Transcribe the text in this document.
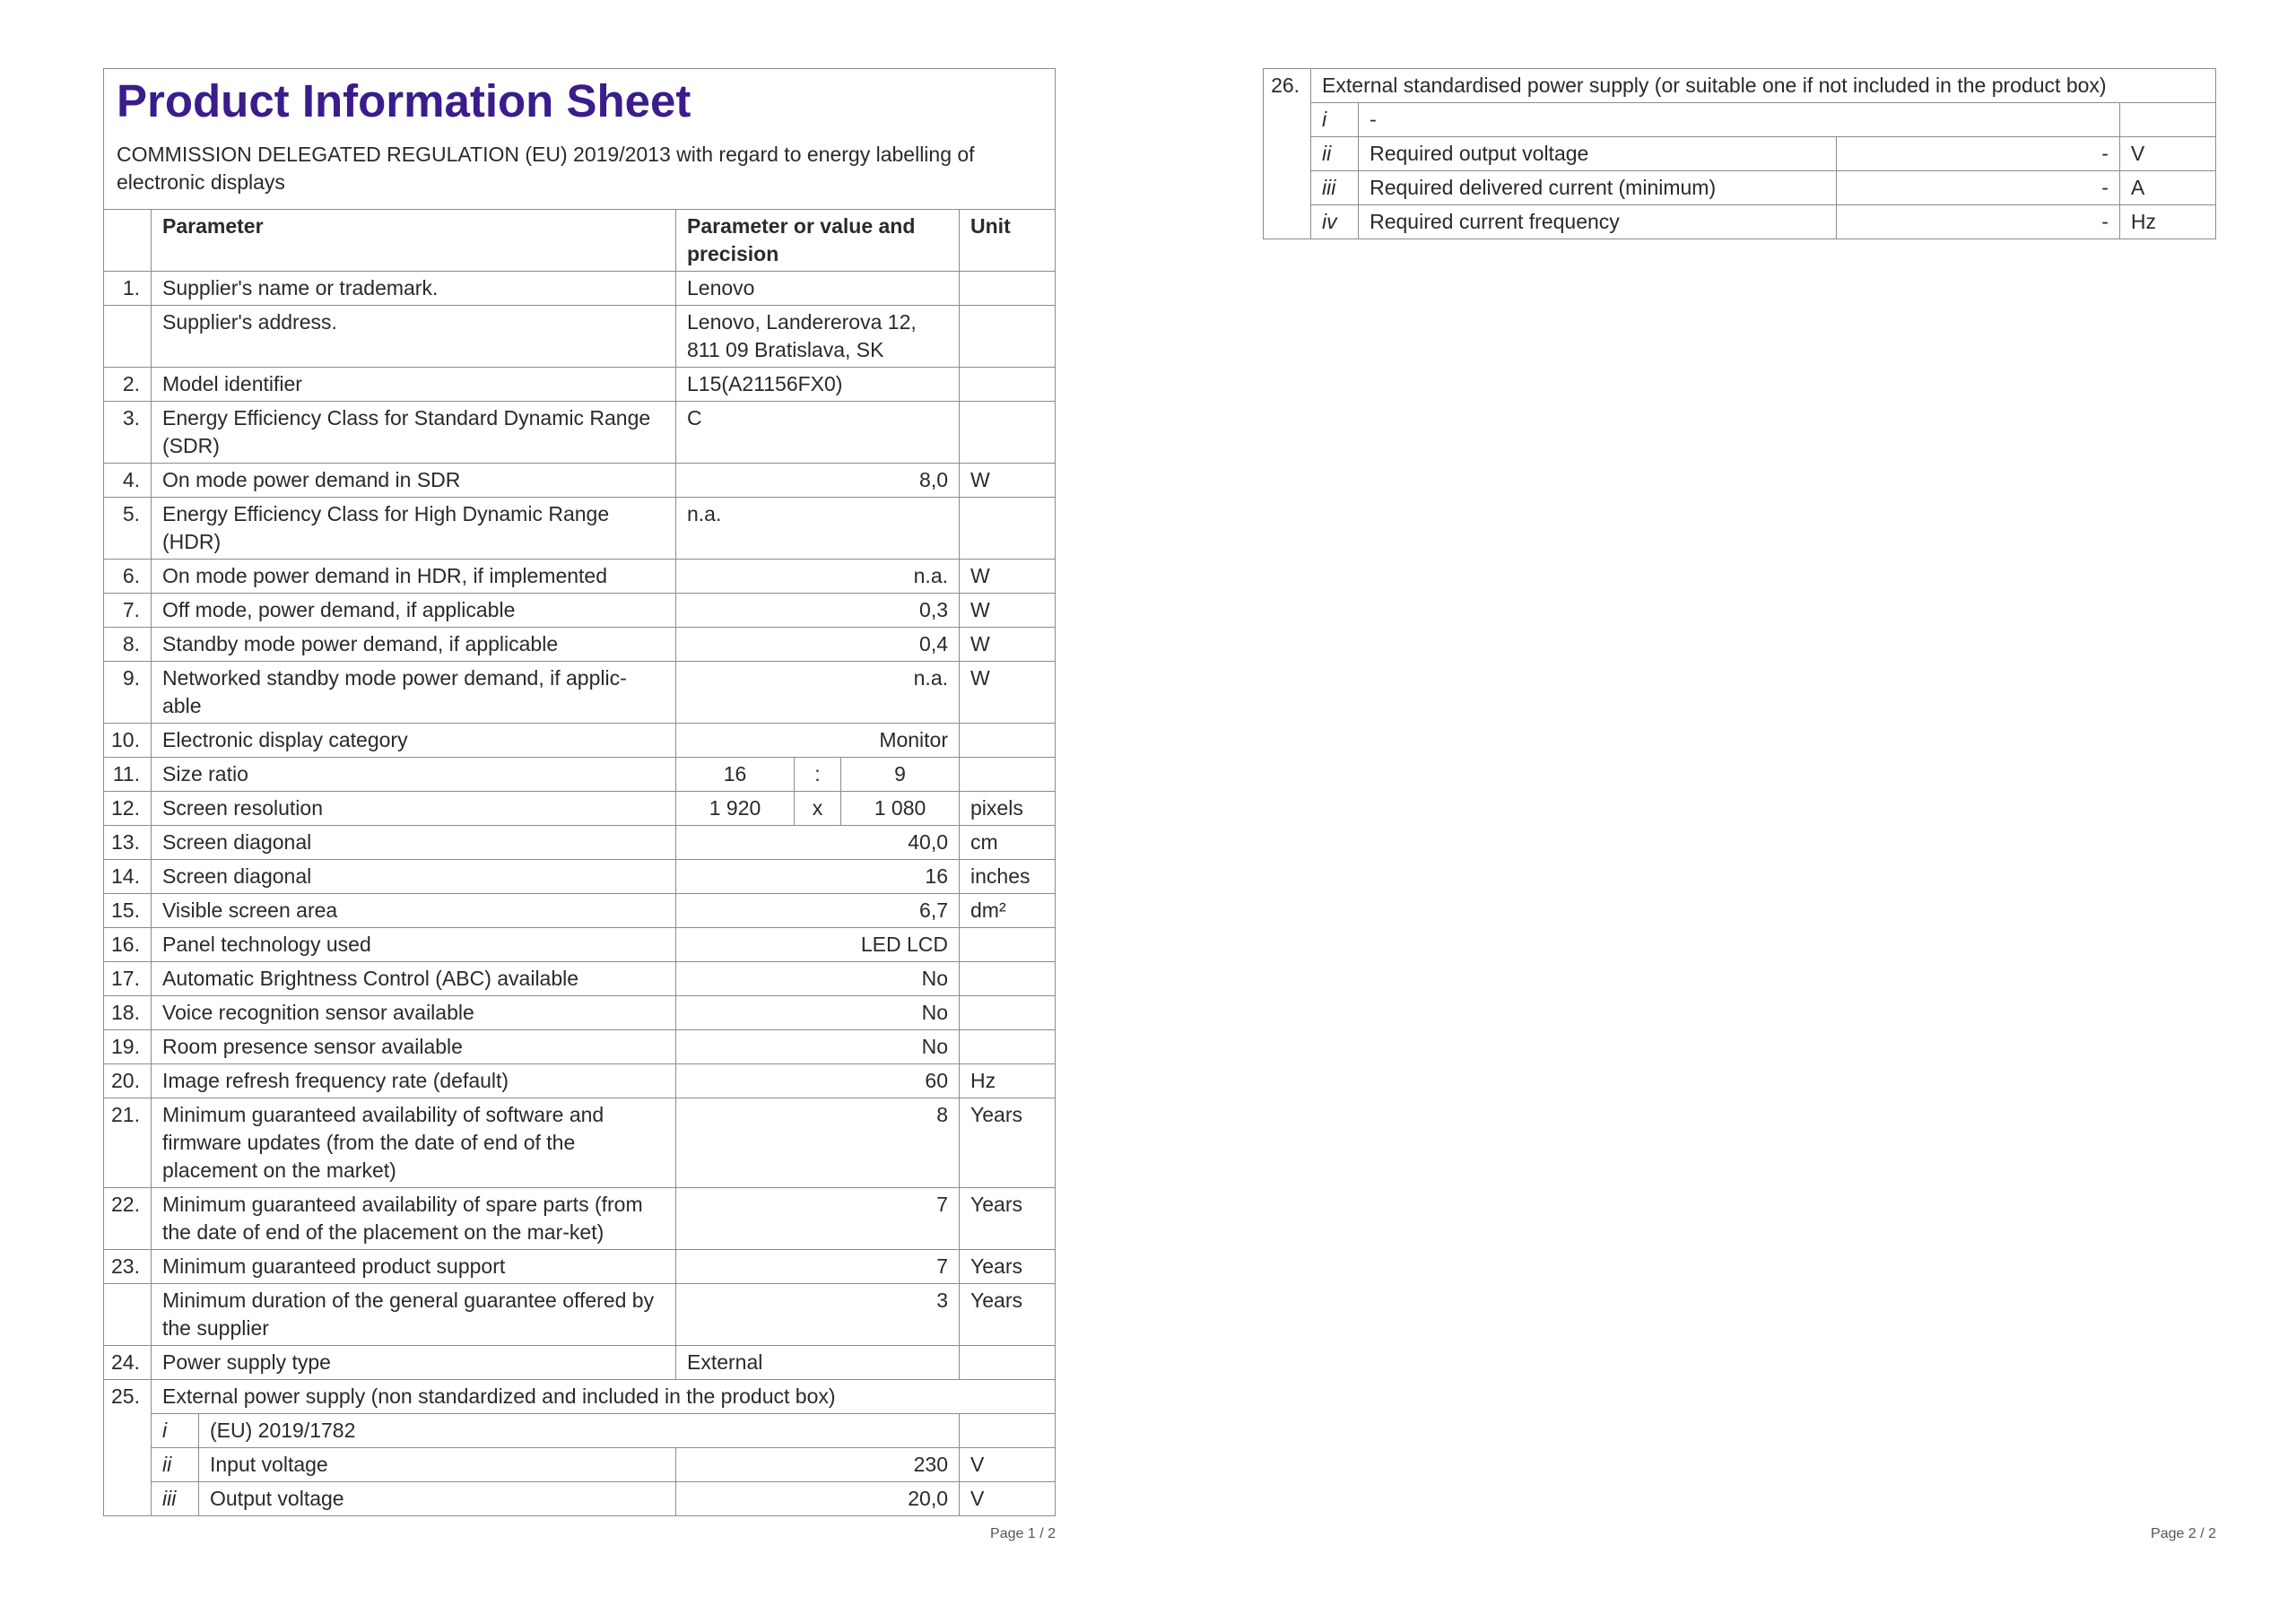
Product Information Sheet
COMMISSION DELEGATED REGULATION (EU) 2019/2013 with regard to energy labelling of electronic displays
	Parameter		Parameter or value and precision			Unit
1.	Supplier's name or trademark.		Lenovo			
	Supplier's address.		Lenovo, Landererova 12, 811 09 Bratislava, SK			
2.	Model identifier		L15(A21156FX0)			
3.	Energy Efficiency Class for Standard Dynamic Range (SDR)		C			
4.	On mode power demand in SDR		8,0			W
5.	Energy Efficiency Class for High Dynamic Range (HDR)		n.a.			
6.	On mode power demand in HDR, if implemented		n.a.			W
7.	Off mode, power demand, if applicable		0,3			W
8.	Standby mode power demand, if applicable		0,4			W
9.	Networked standby mode power demand, if applic-able		n.a.			W
10.	Electronic display category		Monitor			
11.	Size ratio		16	:	9	
12.	Screen resolution		1 920	x	1 080	pixels
13.	Screen diagonal		40,0			cm
14.	Screen diagonal		16			inches
15.	Visible screen area		6,7			dm²
16.	Panel technology used		LED LCD			
17.	Automatic Brightness Control (ABC) available		No			
18.	Voice recognition sensor available		No			
19.	Room presence sensor available		No			
20.	Image refresh frequency rate (default)		60			Hz
21.	Minimum guaranteed availability of software and firmware updates (from the date of end of the placement on the market)		8			Years
22.	Minimum guaranteed availability of spare parts (from the date of end of the placement on the mar-ket)		7			Years
23.	Minimum guaranteed product support		7			Years
	Minimum duration of the general guarantee offered by the supplier		3			Years
24.	Power supply type		External			
25.	External power supply (non standardized and included in the product box)					
	i	(EU) 2019/1782				
	ii	Input voltage	230			V
	iii	Output voltage	20,0			V
Page 1 / 2
26.	External standardised power supply (or suitable one if not included in the product box)			
	i	-		
	ii	Required output voltage	-	V
	iii	Required delivered current (minimum)	-	A
	iv	Required current frequency	-	Hz
Page 2 / 2
